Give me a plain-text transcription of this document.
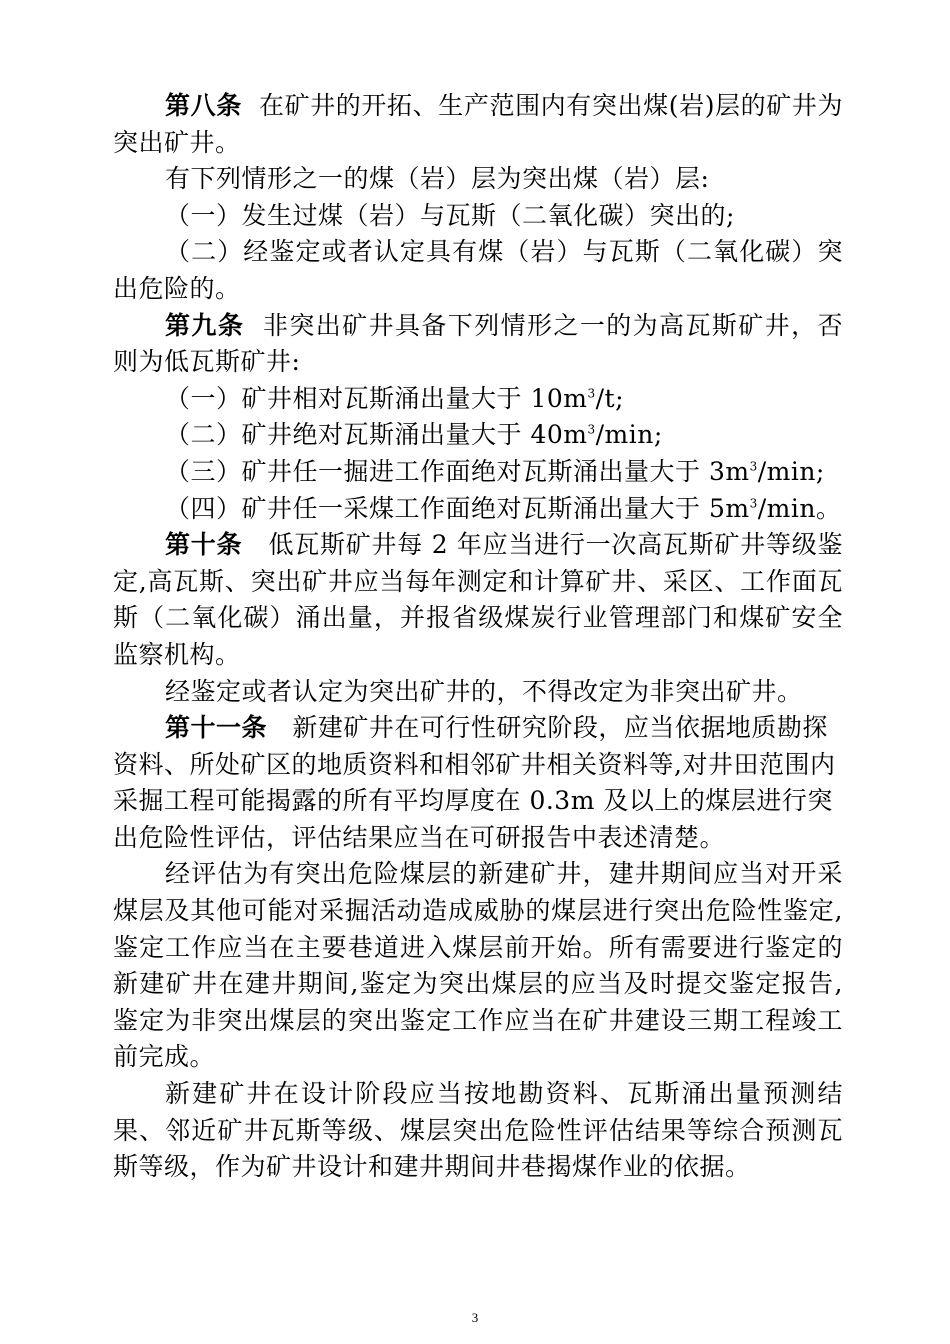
第八条 在矿井的开拓、生产范围内有突出煤(岩)层的矿井为突出矿井。

有下列情形之一的煤（岩）层为突出煤（岩）层:

（一）发生过煤（岩）与瓦斯（二氧化碳）突出的;

（二）经鉴定或者认定具有煤（岩）与瓦斯（二氧化碳）突出危险的。

第九条 非突出矿井具备下列情形之一的为高瓦斯矿井，否则为低瓦斯矿井:

（一）矿井相对瓦斯涌出量大于 $10m^3/t$;

（二）矿井绝对瓦斯涌出量大于 $40m^3/\min$;

（三）矿井任一掘进工作面绝对瓦斯涌出量大于 $3m^3/\min$;

（四）矿井任一采煤工作面绝对瓦斯涌出量大于 $5m^3/\min$。

第十条 低瓦斯矿井每 2 年应当进行一次高瓦斯矿井等级鉴定,高瓦斯、突出矿井应当每年测定和计算矿井、采区、工作面瓦斯（二氧化碳）涌出量，并报省级煤炭行业管理部门和煤矿安全监察机构。

经鉴定或者认定为突出矿井的，不得改定为非突出矿井。

第十一条 新建矿井在可行性研究阶段，应当依据地质勘探
资料、所处矿区的地质资料和相邻矿井相关资料等,对井田范围内
采掘工程可能揭露的所有平均厚度在 0.3m 及以上的煤层进行突
出危险性评估，评估结果应当在可研报告中表述清楚。

经评估为有突出危险煤层的新建矿井，建井期间应当对开采煤层及其他可能对采掘活动造成威胁的煤层进行突出危险性鉴定,鉴定工作应当在主要巷道进入煤层前开始。所有需要进行鉴定的新建矿井在建井期间,鉴定为突出煤层的应当及时提交鉴定报告,鉴定为非突出煤层的突出鉴定工作应当在矿井建设三期工程竣工前完成。

新建矿井在设计阶段应当按地勘资料、瓦斯涌出量预测结果、邻近矿井瓦斯等级、煤层突出危险性评估结果等综合预测瓦斯等级，作为矿井设计和建井期间井巷揭煤作业的依据。

3
